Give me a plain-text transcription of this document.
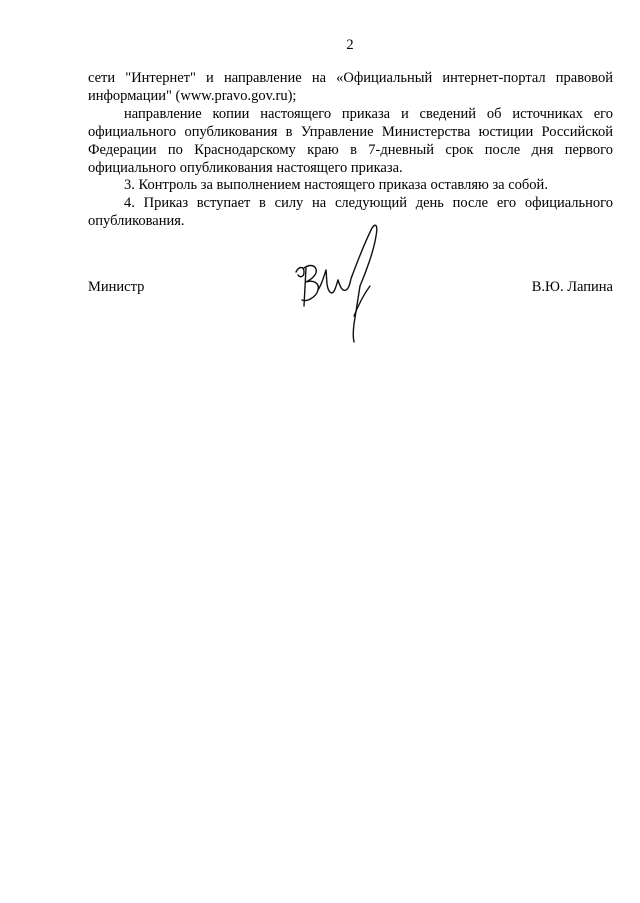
2

сети "Интернет" и направление на «Официальный интернет-портал правовой информации" (www.pravo.gov.ru);

направление копии настоящего приказа и сведений об источниках его официального опубликования в Управление Министерства юстиции Российской Федерации по Краснодарскому краю в 7-дневный срок после дня первого официального опубликования настоящего приказа.

3. Контроль за выполнением настоящего приказа оставляю за собой.

4. Приказ вступает в силу на следующий день после его официального опубликования.

Министр	В.Ю. Лапина
